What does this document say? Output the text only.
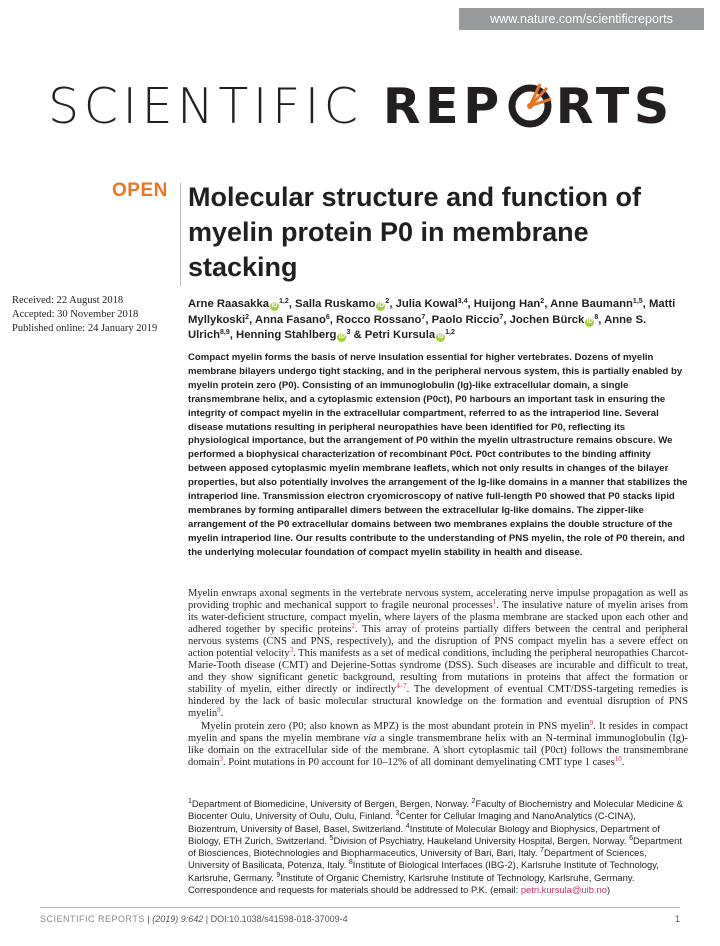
www.nature.com/scientificreports
SCIENTIFIC REP RTS
OPEN Molecular structure and function of myelin protein P0 in membrane stacking
Received: 22 August 2018
Accepted: 30 November 2018
Published online: 24 January 2019
Arne Raasakka iD$^{1,2}$, Salla Ruskamo $iD^2$, Julia Kowal$^{3,4}$, Huijong Han$^2$, Anne Baumann$^{1,5}$, Matti Myllykoski$^2$, Anna Fasano$^6$, Rocco Rossano$^7$, Paolo Riccio$^7$, Jochen Bürck $iD^8$, Anne S. Ulrich$^{8,9}$, Henning Stahlberg $iD^3$ & Petri Kursula iD$^{1,2}$

Compact myelin forms the basis of nerve insulation essential for higher vertebrates. Dozens of myelin membrane bilayers undergo tight stacking, and in the peripheral nervous system, this is partially enabled by myelin protein zero (P0). Consisting of an immunoglobulin (Ig)-like extracellular domain, a single transmembrane helix, and a cytoplasmic extension (P0ct), P0 harbours an important task in ensuring the integrity of compact myelin in the extracellular compartment, referred to as the intraperiod line. Several disease mutations resulting in peripheral neuropathies have been identified for P0, reflecting its physiological importance, but the arrangement of P0 within the myelin ultrastructure remains obscure. We performed a biophysical characterization of recombinant P0ct. P0ct contributes to the binding affinity between apposed cytoplasmic myelin membrane leaflets, which not only results in changes of the bilayer properties, but also potentially involves the arrangement of the Ig-like domains in a manner that stabilizes the intraperiod line. Transmission electron cryomicroscopy of native full-length P0 showed that P0 stacks lipid membranes by forming antiparallel dimers between the extracellular Ig-like domains. The zipper-like arrangement of the P0 extracellular domains between two membranes explains the double structure of the myelin intraperiod line. Our results contribute to the understanding of PNS myelin, the role of P0 therein, and the underlying molecular foundation of compact myelin stability in health and disease.

Myelin enwraps axonal segments in the vertebrate nervous system, accelerating nerve impulse propagation as well as providing trophic and mechanical support to fragile neuronal processes$^1$. The insulative nature of myelin arises from its water-deficient structure, compact myelin, where layers of the plasma membrane are stacked upon each other and adhered together by specific proteins$^2$. This array of proteins partially differs between the central and peripheral nervous systems (CNS and PNS, respectively), and the disruption of PNS compact myelin has a severe effect on action potential velocity$^3$. This manifests as a set of medical conditions, including the peripheral neuropathies Charcot-Marie-Tooth disease (CMT) and Dejerine-Sottas syndrome (DSS). Such diseases are incurable and difficult to treat, and they show significant genetic background, resulting from mutations in proteins that affect the formation or stability of myelin, either directly or indirectly$^{4-7}$. The development of eventual CMT/DSS-targeting remedies is hindered by the lack of basic molecular structural knowledge on the formation and eventual disruption of PNS myelin$^8$.

Myelin protein zero (P0; also known as MPZ) is the most abundant protein in PNS myelin$^9$. It resides in compact myelin and spans the myelin membrane via a single transmembrane helix with an N-terminal immunoglobulin (Ig)-like domain on the extracellular side of the membrane. A short cytoplasmic tail (P0ct) follows the transmembrane domain$^3$. Point mutations in P0 account for 10–12% of all dominant demyelinating CMT type 1 cases$^{10}$.

$^1$Department of Biomedicine, University of Bergen, Bergen, Norway. $^2$Faculty of Biochemistry and Molecular Medicine & Biocenter Oulu, University of Oulu, Oulu, Finland. $^3$Center for Cellular Imaging and NanoAnalytics (C-CINA), Biozentrum, University of Basel, Basel, Switzerland. $^4$Institute of Molecular Biology and Biophysics, Department of Biology, ETH Zurich, Switzerland. $^5$Division of Psychiatry, Haukeland University Hospital, Bergen, Norway. $^6$Department of Biosciences, Biotechnologies and Biopharmaceutics, University of Bari, Bari, Italy. $^7$Department of Sciences, University of Basilicata, Potenza, Italy. $^8$Institute of Biological Interfaces (IBG-2), Karlsruhe Institute of Technology, Karlsruhe, Germany. $^9$Institute of Organic Chemistry, Karlsruhe Institute of Technology, Karlsruhe, Germany. Correspondence and requests for materials should be addressed to P.K. (email: petri.kursula@uib.no)

SCIENTIFIC REPORTS | (2019) 9:642 | DOI:10.1038/s41598-018-37009-4	1
